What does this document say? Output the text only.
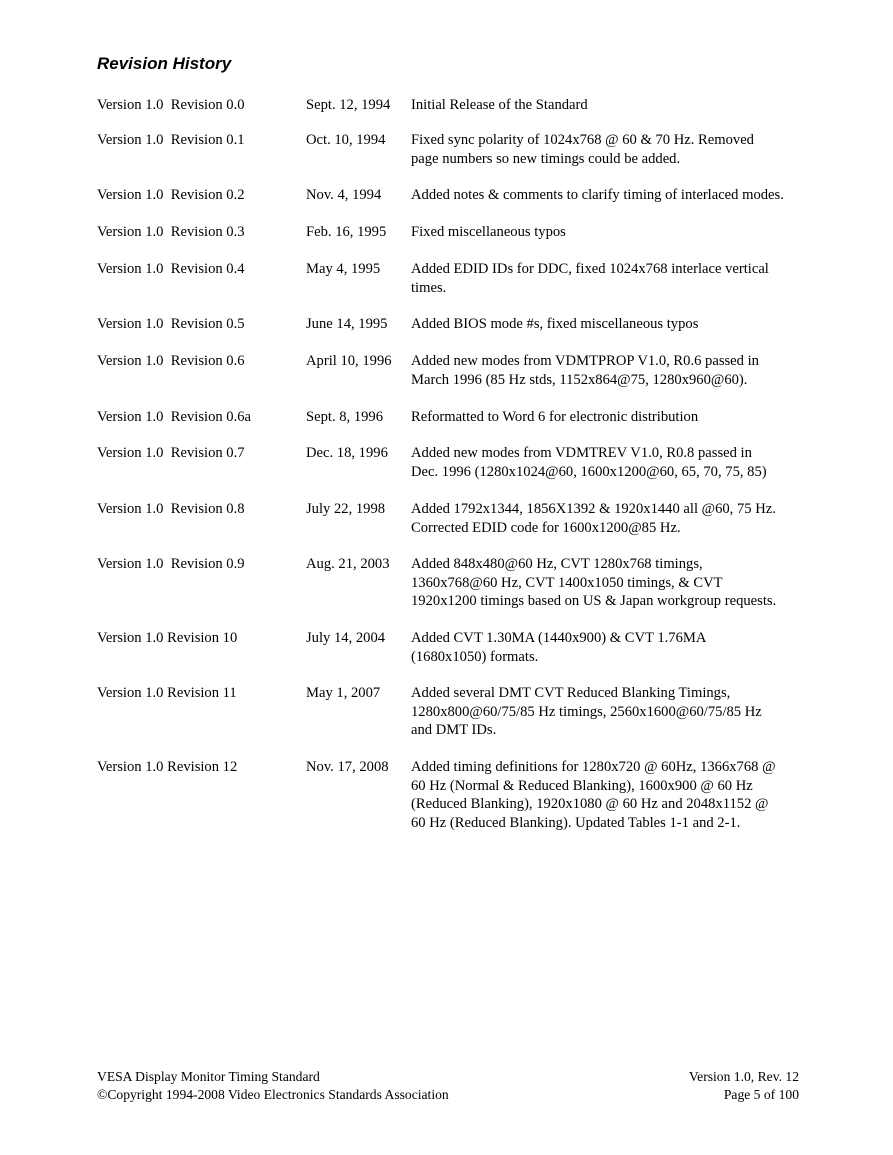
Revision History
Version 1.0  Revision 0.0	Sept. 12, 1994 Initial Release of the Standard
Version 1.0  Revision 0.1	Oct. 10, 1994 Fixed sync polarity of 1024x768 @ 60 & 70 Hz. Removed
page numbers so new timings could be added.
Version 1.0  Revision 0.2	Nov. 4, 1994 Added notes & comments to clarify timing of interlaced modes.
Version 1.0  Revision 0.3	Feb. 16, 1995 Fixed miscellaneous typos
Version 1.0  Revision 0.4	May 4, 1995 Added EDID IDs for DDC, fixed 1024x768 interlace vertical
times.
Version 1.0  Revision 0.5	June 14, 1995 Added BIOS mode #s, fixed miscellaneous typos
Version 1.0  Revision 0.6	April 10, 1996 Added new modes from VDMTPROP V1.0, R0.6 passed in
March 1996 (85 Hz stds, 1152x864@75, 1280x960@60).
Version 1.0  Revision 0.6a	Sept. 8, 1996 Reformatted to Word 6 for electronic distribution
Version 1.0  Revision 0.7	Dec. 18, 1996 Added new modes from VDMTREV V1.0, R0.8 passed in
Dec. 1996 (1280x1024@60, 1600x1200@60, 65, 70, 75, 85)
Version 1.0  Revision 0.8	July 22, 1998 Added 1792x1344, 1856X1392 & 1920x1440 all @60, 75 Hz.
Corrected EDID code for 1600x1200@85 Hz.
Version 1.0  Revision 0.9	Aug. 21, 2003 Added 848x480@60 Hz, CVT 1280x768 timings,
1360x768@60 Hz, CVT 1400x1050 timings, & CVT
1920x1200 timings based on US & Japan workgroup requests.
Version 1.0 Revision 10	July 14, 2004 Added CVT 1.30MA (1440x900) & CVT 1.76MA
(1680x1050) formats.
Version 1.0 Revision 11	May 1, 2007 Added several DMT CVT Reduced Blanking Timings,
1280x800@60/75/85 Hz timings, 2560x1600@60/75/85 Hz
and DMT IDs.
Version 1.0 Revision 12	Nov. 17, 2008 Added timing definitions for 1280x720 @ 60Hz, 1366x768 @
60 Hz (Normal & Reduced Blanking), 1600x900 @ 60 Hz
(Reduced Blanking), 1920x1080 @ 60 Hz and 2048x1152 @
60 Hz (Reduced Blanking). Updated Tables 1-1 and 2-1.
VESA Display Monitor Timing Standard
©Copyright 1994-2008 Video Electronics Standards Association
Version 1.0, Rev. 12
Page 5 of 100
